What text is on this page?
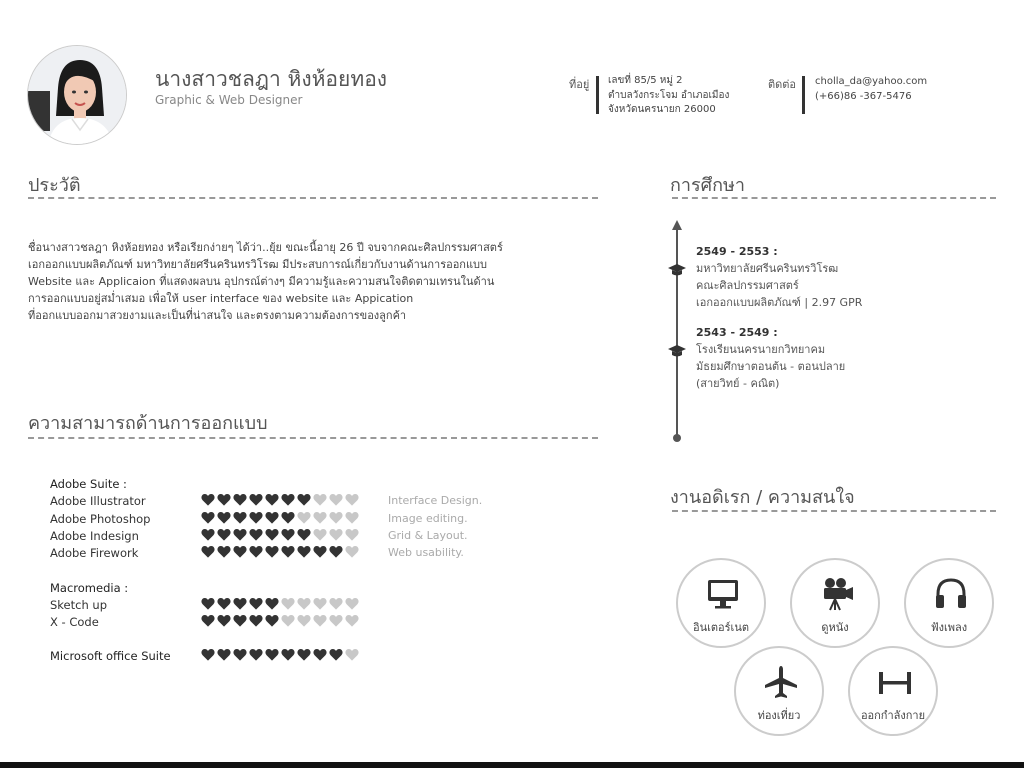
นางสาวชลฎา หิงห้อยทอง
Graphic & Web Designer
ที่อยู่ เลขที่ 85/5 หมู่ 2
ตำบลวังกระโจม อำเภอเมือง
จังหวัดนครนายก 26000
ติดต่อ cholla_da@yahoo.com
(+66)86 -367-5476
ประวัติ
ชื่อนางสาวชลฎา หิงห้อยทอง หรือเรียกง่ายๆ ได้ว่า..ยุ้ย ขณะนี้อายุ 26 ปี จบจากคณะศิลปกรรมศาสตร์
เอกออกแบบผลิตภัณฑ์ มหาวิทยาลัยศรีนครินทรวิโรฒ มีประสบการณ์เกี่ยวกับงานด้านการออกแบบ
Website และ Applicaion ที่แสดงผลบน อุปกรณ์ต่างๆ มีความรู้และความสนใจติดตามเทรนในด้าน
การออกแบบอยู่สม่ำเสมอ เพื่อให้ user interface ของ website และ Appication
ที่ออกแบบออกมาสวยงามและเป็นที่น่าสนใจ และตรงตามความต้องการของลูกค้า
ความสามารถด้านการออกแบบ
Adobe Suite :
Adobe Illustrator	Interface Design.
Adobe Photoshop	Image editing.
Adobe Indesign	Grid & Layout.
Adobe Firework	Web usability.
Macromedia :
Sketch up
X - Code
Microsoft office Suite
การศึกษา
2549 - 2553 :
มหาวิทยาลัยศรีนครินทรวิโรฒ
คณะศิลปกรรมศาสตร์
เอกออกแบบผลิตภัณฑ์ | 2.97 GPR
2543 - 2549 :
โรงเรียนนครนายกวิทยาคม
มัธยมศึกษาตอนต้น - ตอนปลาย
(สายวิทย์ - คณิต)
งานอดิเรก / ความสนใจ
อินเตอร์เนต	ดูหนัง	ฟังเพลง
ท่องเที่ยว	ออกกำลังกาย
